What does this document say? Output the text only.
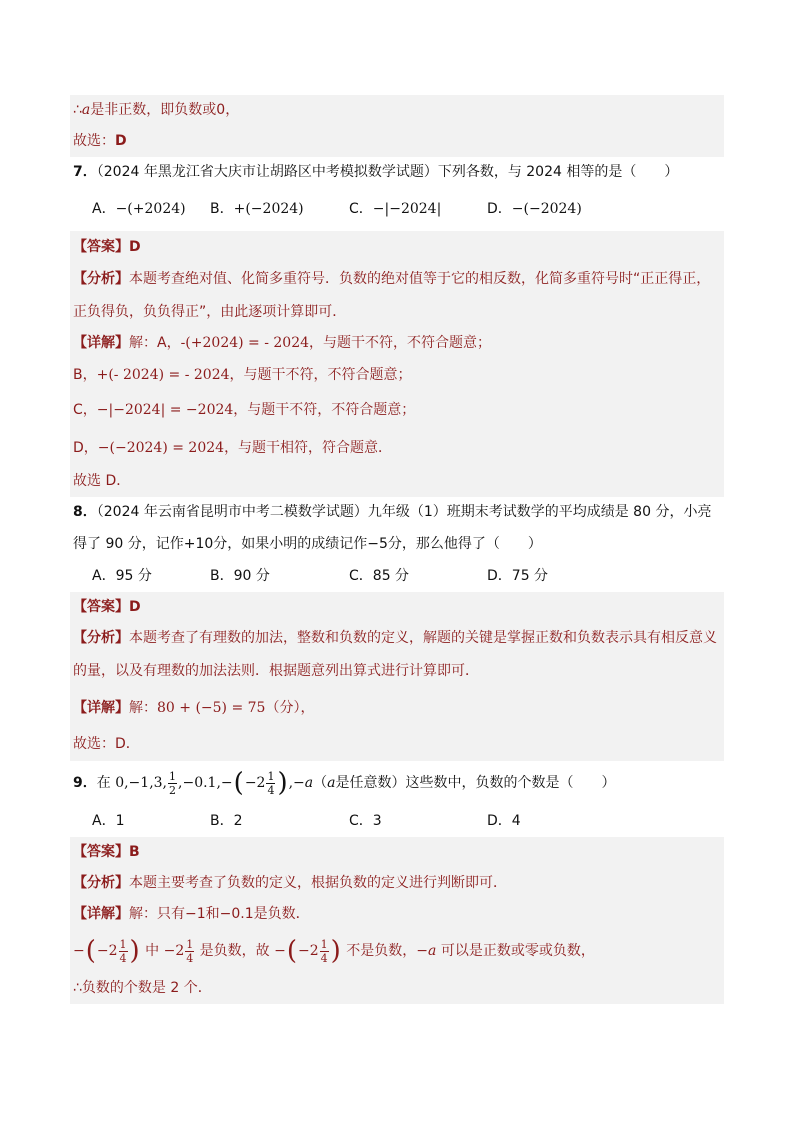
∴a是非正数，即负数或0，
故选：D
7．（2024 年黑龙江省大庆市让胡路区中考模拟数学试题）下列各数，与 2024 相等的是（　　）
A．−(+2024) B．+(−2024)	C．−|−2024|	D．−(−2024)
【答案】D
【分析】本题考查绝对值、化简多重符号．负数的绝对值等于它的相反数，化简多重符号时“正正得正，正负得负，负负得正”，由此逐项计算即可．
【详解】解：A，-(+2024) = - 2024，与题干不符，不符合题意；
B，+(- 2024) = - 2024，与题干不符，不符合题意；
C，−|−2024| = −2024，与题干不符，不符合题意；
D，−(−2024) = 2024，与题干相符，符合题意．
故选 D．
8．（2024 年云南省昆明市中考二模数学试题）九年级（1）班期末考试数学的平均成绩是 80 分，小亮得了 90 分，记作+10分，如果小明的成绩记作−5分，那么他得了（　　）
A．95 分	B．90 分	C．85 分	D．75 分
【答案】D
【分析】本题考查了有理数的加法，整数和负数的定义，解题的关键是掌握正数和负数表示具有相反意义的量，以及有理数的加法法则．根据题意列出算式进行计算即可．
【详解】解：80 + (−5) = 75（分），
故选：D．
9．在 0,−1,3, $\frac{1}{2} ,-0.1,-(-2 \frac{1}{4} ),-a(a$是任意数）这些数中，负数的个数是（　　）
A．1	B．2	C．3	D．4
【答案】B
【分析】本题主要考查了负数的定义，根据负数的定义进行判断即可．
【详解】解：只有−1和−0.1是负数．
$-(-2 \frac{1}{4}$ ) 中 $-2 \frac{1}{4}$ 是负数，故 $-(-2 \frac{1}{4}$ ) 不是负数，−a 可以是正数或零或负数，
∴负数的个数是 2 个．
